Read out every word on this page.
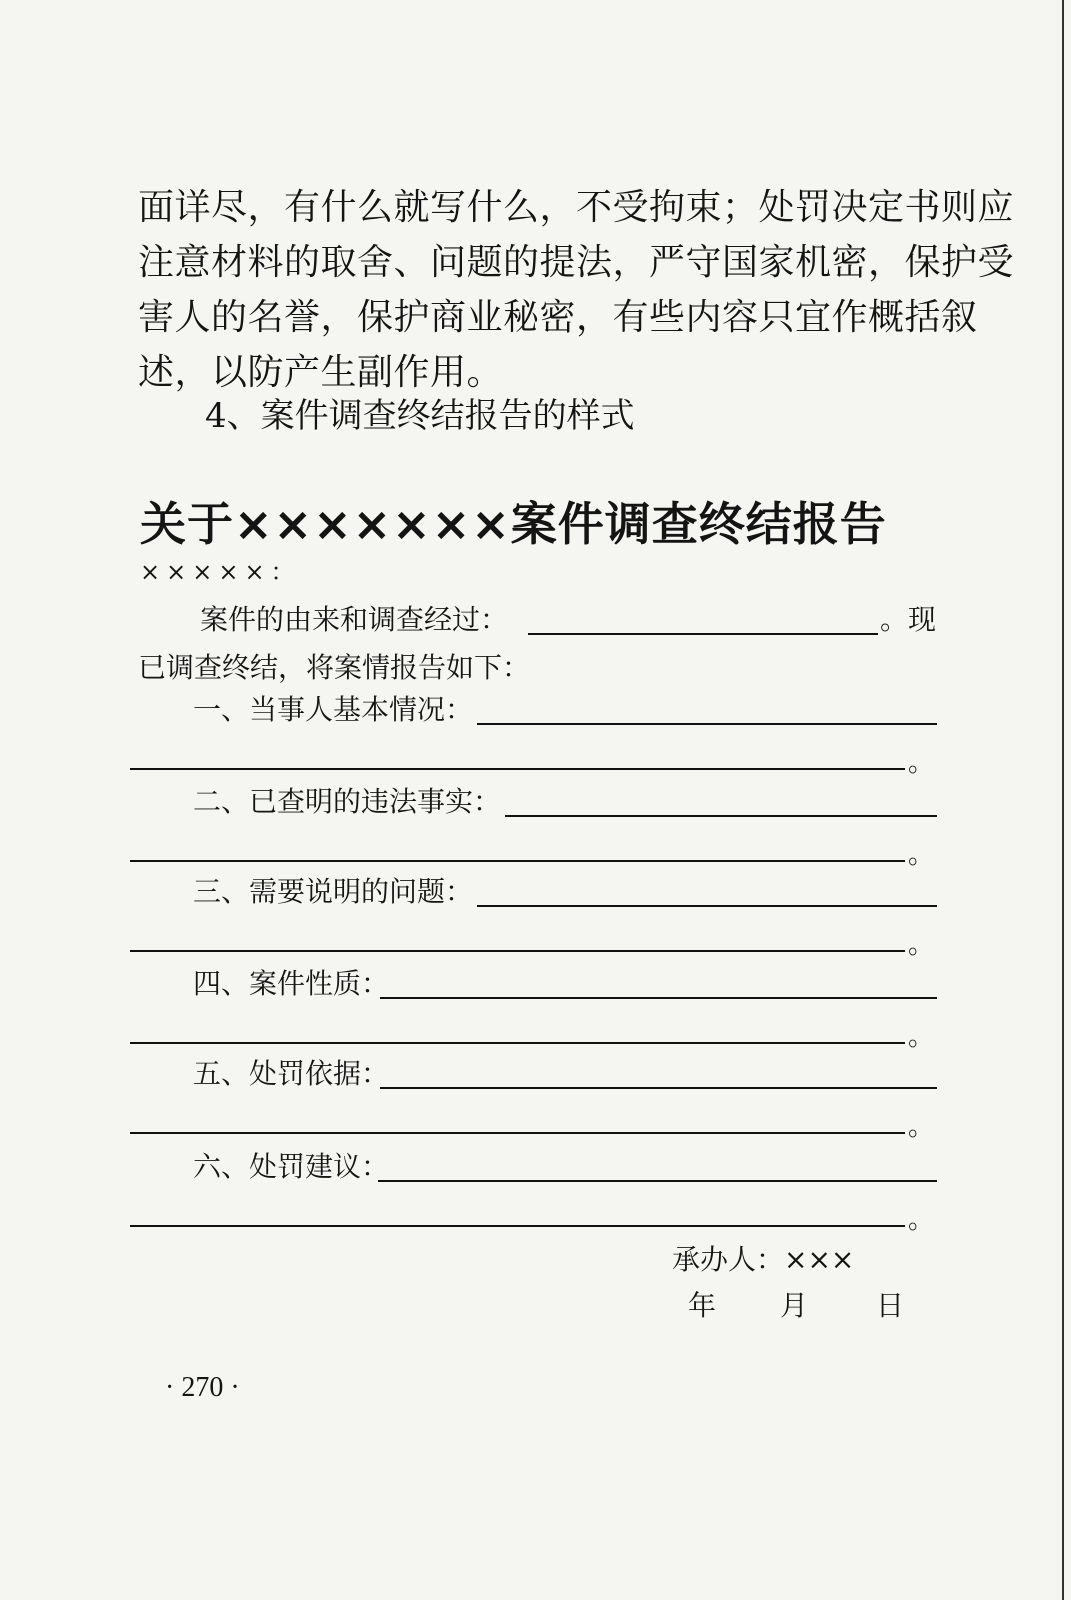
面详尽，有什么就写什么，不受拘束；处罚决定书则应
注意材料的取舍、问题的提法，严守国家机密，保护受
害人的名誉，保护商业秘密，有些内容只宜作概括叙
述，以防产生副作用。
4、案件调查终结报告的样式
关于×××××××案件调查终结报告
×××××：
案件的由来和调查经过：	。现
已调查终结，将案情报告如下：
一、当事人基本情况：
。
二、已查明的违法事实：
。
三、需要说明的问题：
。
四、案件性质：
。
五、处罚依据：
。
六、处罚建议：
。
承办人：×××
年 月 日
· 270 ·
